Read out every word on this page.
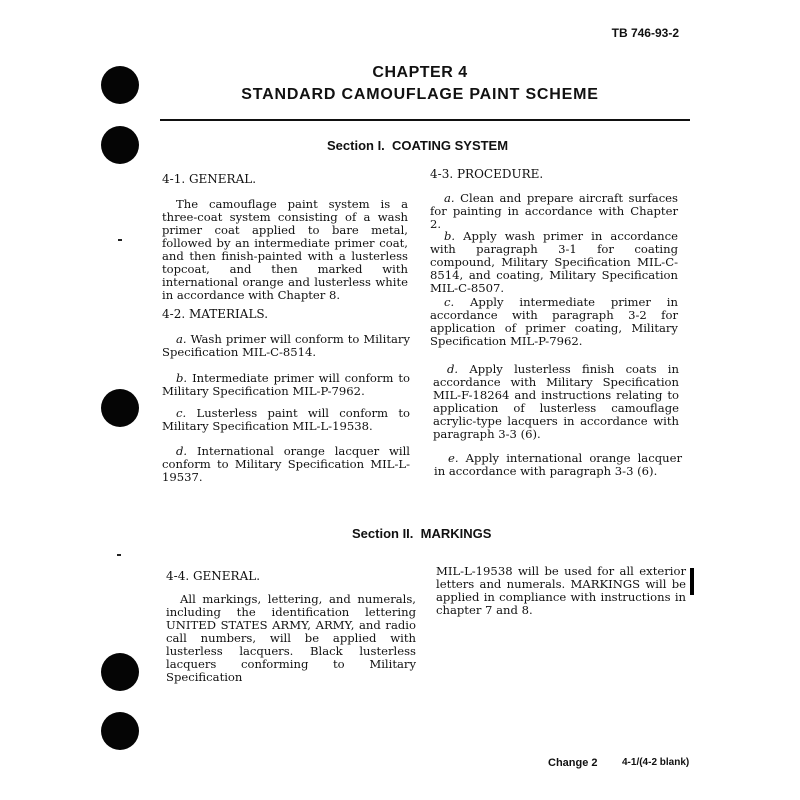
TB 746-93-2
CHAPTER 4
STANDARD CAMOUFLAGE PAINT SCHEME
Section I.  COATING SYSTEM
4-1. GENERAL.

The camouflage paint system is a three-coat system consisting of a wash primer coat applied to bare metal, followed by an intermediate primer coat, and then finish-painted with a lusterless topcoat, and then marked with international orange and lusterless white in accordance with Chapter 8.

4-2. MATERIALS.

a. Wash primer will conform to Military Specification MIL-C-8514.

b. Intermediate primer will conform to Military Specification MIL-P-7962.

c. Lusterless paint will conform to Military Specification MIL-L-19538.

d. International orange lacquer will conform to Military Specification MIL-L-19537.

4-3. PROCEDURE.

a. Clean and prepare aircraft surfaces for painting in accordance with Chapter 2.

b. Apply wash primer in accordance with paragraph 3-1 for coating compound, Military Specification MIL-C-8514, and coating, Military Specification MIL-C-8507.

c. Apply intermediate primer in accordance with paragraph 3-2 for application of primer coating, Military Specification MIL-P-7962.

d. Apply lusterless finish coats in accordance with Military Specification MIL-F-18264 and instructions relating to application of lusterless camouflage acrylic-type lacquers in accordance with paragraph 3-3 (6).

e. Apply international orange lacquer in accordance with paragraph 3-3 (6).

Section II.  MARKINGS
4-4. GENERAL.

All markings, lettering, and numerals, including the identification lettering UNITED STATES ARMY, ARMY, and radio call numbers, will be applied with lusterless lacquers. Black lusterless lacquers conforming to Military Specification

MIL-L-19538 will be used for all exterior letters and numerals. MARKINGS will be applied in compliance with instructions in chapter 7 and 8.

Change 2 4-1/(4-2 blank)
